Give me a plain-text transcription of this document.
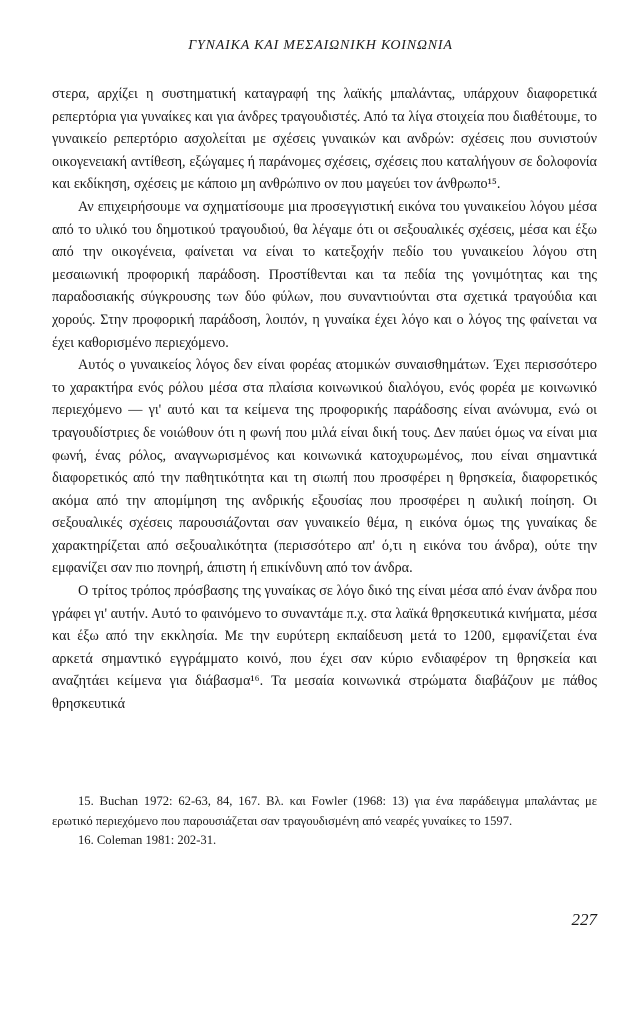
ΓΥΝΑΙΚΑ ΚΑΙ ΜΕΣΑΙΩΝΙΚΗ ΚΟΙΝΩΝΙΑ

στερα, αρχίζει η συστηματική καταγραφή της λαϊκής μπαλάντας, υπάρχουν διαφορετικά ρεπερτόρια για γυναίκες και για άνδρες τραγουδιστές. Από τα λίγα στοιχεία που διαθέτουμε, το γυναικείο ρεπερτόριο ασχολείται με σχέσεις γυναικών και ανδρών: σχέσεις που συνιστούν οικογενειακή αντίθεση, εξώγαμες ή παράνομες σχέσεις, σχέσεις που καταλήγουν σε δολοφονία και εκδίκηση, σχέσεις με κάποιο μη ανθρώπινο ον που μαγεύει τον άνθρωπο¹⁵.

Αν επιχειρήσουμε να σχηματίσουμε μια προσεγγιστική εικόνα του γυναικείου λόγου μέσα από το υλικό του δημοτικού τραγουδιού, θα λέγαμε ότι οι σεξουαλικές σχέσεις, μέσα και έξω από την οικογένεια, φαίνεται να είναι το κατεξοχήν πεδίο του γυναικείου λόγου στη μεσαιωνική προφορική παράδοση. Προστίθενται και τα πεδία της γονιμότητας και της παραδοσιακής σύγκρουσης των δύο φύλων, που συναντιούνται στα σχετικά τραγούδια και χορούς. Στην προφορική παράδοση, λοιπόν, η γυναίκα έχει λόγο και ο λόγος της φαίνεται να έχει καθορισμένο περιεχόμενο.

Αυτός ο γυναικείος λόγος δεν είναι φορέας ατομικών συναισθημάτων. Έχει περισσότερο το χαρακτήρα ενός ρόλου μέσα στα πλαίσια κοινωνικού διαλόγου, ενός φορέα με κοινωνικό περιεχόμενο — γι' αυτό και τα κείμενα της προφορικής παράδοσης είναι ανώνυμα, ενώ οι τραγουδίστριες δε νοιώθουν ότι η φωνή που μιλά είναι δική τους. Δεν παύει όμως να είναι μια φωνή, ένας ρόλος, αναγνωρισμένος και κοινωνικά κατοχυρωμένος, που είναι σημαντικά διαφορετικός από την παθητικότητα και τη σιωπή που προσφέρει η θρησκεία, διαφορετικός ακόμα από την απομίμηση της ανδρικής εξουσίας που προσφέρει η αυλική ποίηση. Οι σεξουαλικές σχέσεις παρουσιάζονται σαν γυναικείο θέμα, η εικόνα όμως της γυναίκας δε χαρακτηρίζεται από σεξουαλικότητα (περισσότερο απ' ό,τι η εικόνα του άνδρα), ούτε την εμφανίζει σαν πιο πονηρή, άπιστη ή επικίνδυνη από τον άνδρα.

Ο τρίτος τρόπος πρόσβασης της γυναίκας σε λόγο δικό της είναι μέσα από έναν άνδρα που γράφει γι' αυτήν. Αυτό το φαινόμενο το συναντάμε π.χ. στα λαϊκά θρησκευτικά κινήματα, μέσα και έξω από την εκκλησία. Με την ευρύτερη εκπαίδευση μετά το 1200, εμφανίζεται ένα αρκετά σημαντικό εγγράμματο κοινό, που έχει σαν κύριο ενδιαφέρον τη θρησκεία και αναζητάει κείμενα για διάβασμα¹⁶. Τα μεσαία κοινωνικά στρώματα διαβάζουν με πάθος θρησκευτικά

15. Buchan 1972: 62-63, 84, 167. Βλ. και Fowler (1968: 13) για ένα παράδειγμα μπαλάντας με ερωτικό περιεχόμενο που παρουσιάζεται σαν τραγουδισμένη από νεαρές γυναίκες το 1597.

16. Coleman 1981: 202-31.

227
